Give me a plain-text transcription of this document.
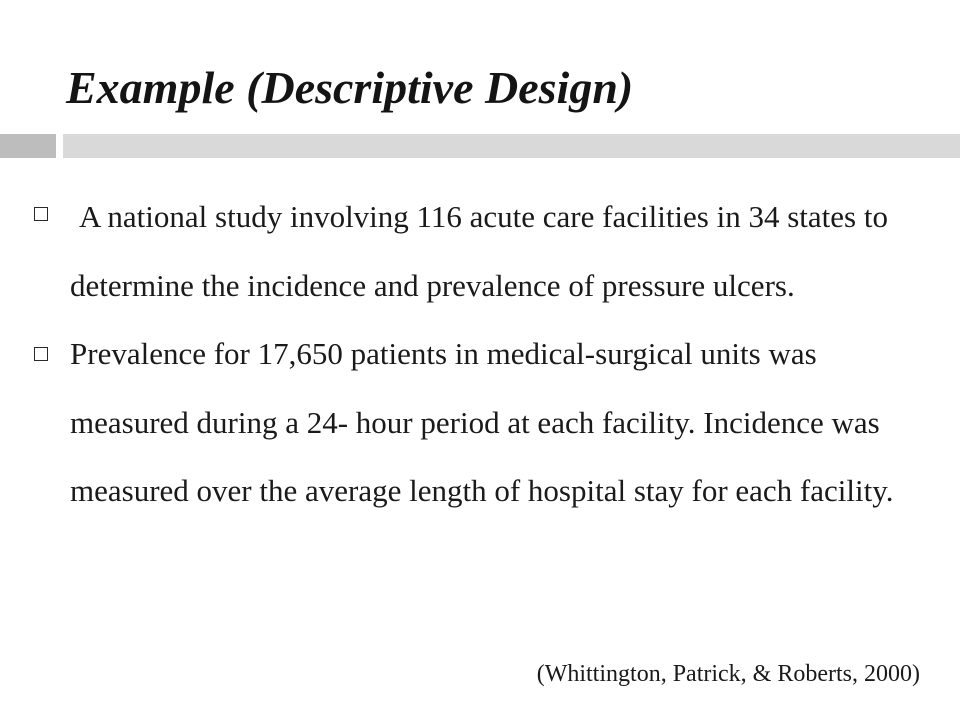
Example (Descriptive Design)
A national study involving 116 acute care facilities in 34 states to determine the incidence and prevalence of pressure ulcers.
Prevalence for 17,650 patients in medical-surgical units was measured during a 24- hour period at each facility. Incidence was measured over the average length of hospital stay for each facility.

(Whittington, Patrick, & Roberts, 2000)
